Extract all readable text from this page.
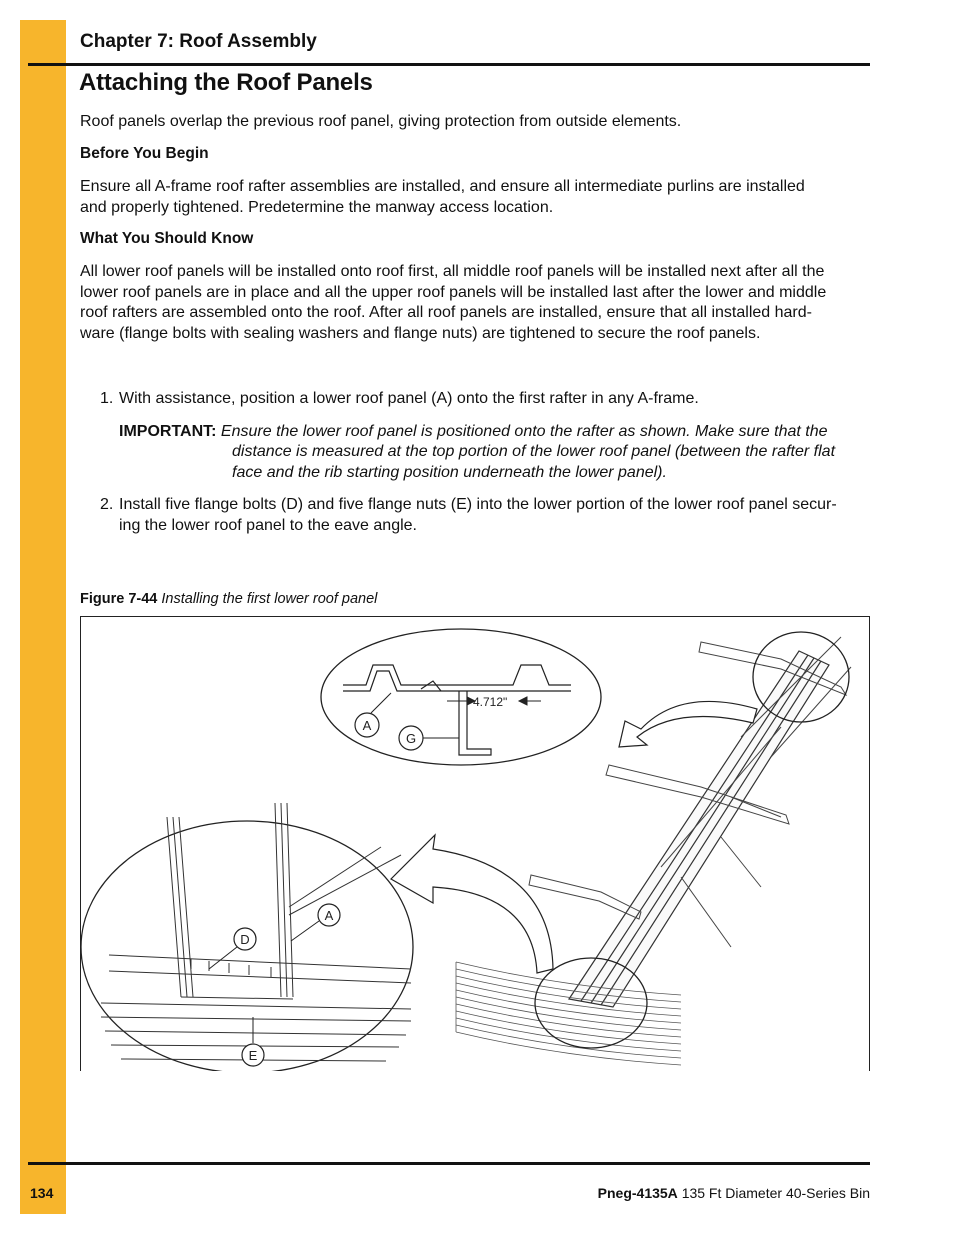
Chapter 7: Roof Assembly
Attaching the Roof Panels
Roof panels overlap the previous roof panel, giving protection from outside elements.
Before You Begin
Ensure all A-frame roof rafter assemblies are installed, and ensure all intermediate purlins are installed
and properly tightened. Predetermine the manway access location.
What You Should Know
All lower roof panels will be installed onto roof first, all middle roof panels will be installed next after all the
lower roof panels are in place and all the upper roof panels will be installed last after the lower and middle
roof rafters are assembled onto the roof. After all roof panels are installed, ensure that all installed hard-
ware (flange bolts with sealing washers and flange nuts) are tightened to secure the roof panels.
1. With assistance, position a lower roof panel (A) onto the first rafter in any A-frame.
IMPORTANT: Ensure the lower roof panel is positioned onto the rafter as shown. Make sure that the
distance is measured at the top portion of the lower roof panel (between the rafter flat
face and the rib starting position underneath the lower panel).
2. Install five flange bolts (D) and five flange nuts (E) into the lower portion of the lower roof panel secur-
ing the lower roof panel to the eave angle.
Figure 7-44 Installing the first lower roof panel
4.712"
A
G
D
A
E
134	Pneg-4135A 135 Ft Diameter 40-Series Bin
